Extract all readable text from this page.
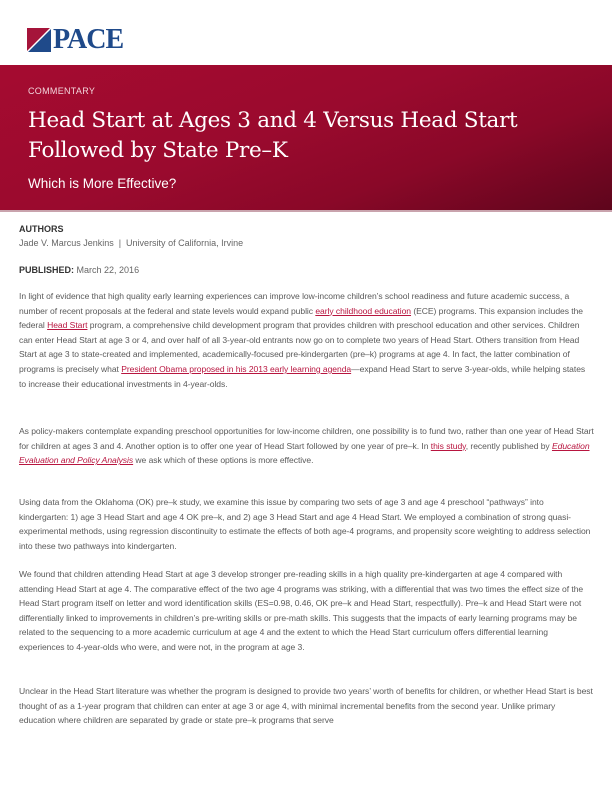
PACE
COMMENTARY
Head Start at Ages 3 and 4 Versus Head Start Followed by State Pre–K
Which is More Effective?
AUTHORS
Jade V. Marcus Jenkins  |  University of California, Irvine
PUBLISHED: March 22, 2016

In light of evidence that high quality early learning experiences can improve low-income children’s school readiness and future academic success, a number of recent proposals at the federal and state levels would expand public early childhood education (ECE) programs. This expansion includes the federal Head Start program, a comprehensive child development program that provides children with preschool education and other services. Children can enter Head Start at age 3 or 4, and over half of all 3-year-old entrants now go on to complete two years of Head Start. Others transition from Head Start at age 3 to state-created and implemented, academically-focused pre-kindergarten (pre–k) programs at age 4. In fact, the latter combination of programs is precisely what President Obama proposed in his 2013 early learning agenda—expand Head Start to serve 3-year-olds, while helping states to increase their educational investments in 4-year-olds.

As policy-makers contemplate expanding preschool opportunities for low-income children, one possibility is to fund two, rather than one year of Head Start for children at ages 3 and 4. Another option is to offer one year of Head Start followed by one year of pre–k. In this study, recently published by Education Evaluation and Policy Analysis we ask which of these options is more effective.

Using data from the Oklahoma (OK) pre–k study, we examine this issue by comparing two sets of age 3 and age 4 preschool “pathways” into kindergarten: 1) age 3 Head Start and age 4 OK pre–k, and 2) age 3 Head Start and age 4 Head Start. We employed a combination of strong quasi-experimental methods, using regression discontinuity to estimate the effects of both age-4 programs, and propensity score weighting to address selection into these two pathways into kindergarten.

We found that children attending Head Start at age 3 develop stronger pre-reading skills in a high quality pre-kindergarten at age 4 compared with attending Head Start at age 4. The comparative effect of the two age 4 programs was striking, with a differential that was two times the effect size of the Head Start program itself on letter and word identification skills (ES=0.98, 0.46, OK pre–k and Head Start, respectfully). Pre–k and Head Start were not differentially linked to improvements in children’s pre-writing skills or pre-math skills. This suggests that the impacts of early learning programs may be related to the sequencing to a more academic curriculum at age 4 and the extent to which the Head Start curriculum offers differential learning experiences to 4-year-olds who were, and were not, in the program at age 3.

Unclear in the Head Start literature was whether the program is designed to provide two years’ worth of benefits for children, or whether Head Start is best thought of as a 1-year program that children can enter at age 3 or age 4, with minimal incremental benefits from the second year. Unlike primary education where children are separated by grade or state pre–k programs that serve
